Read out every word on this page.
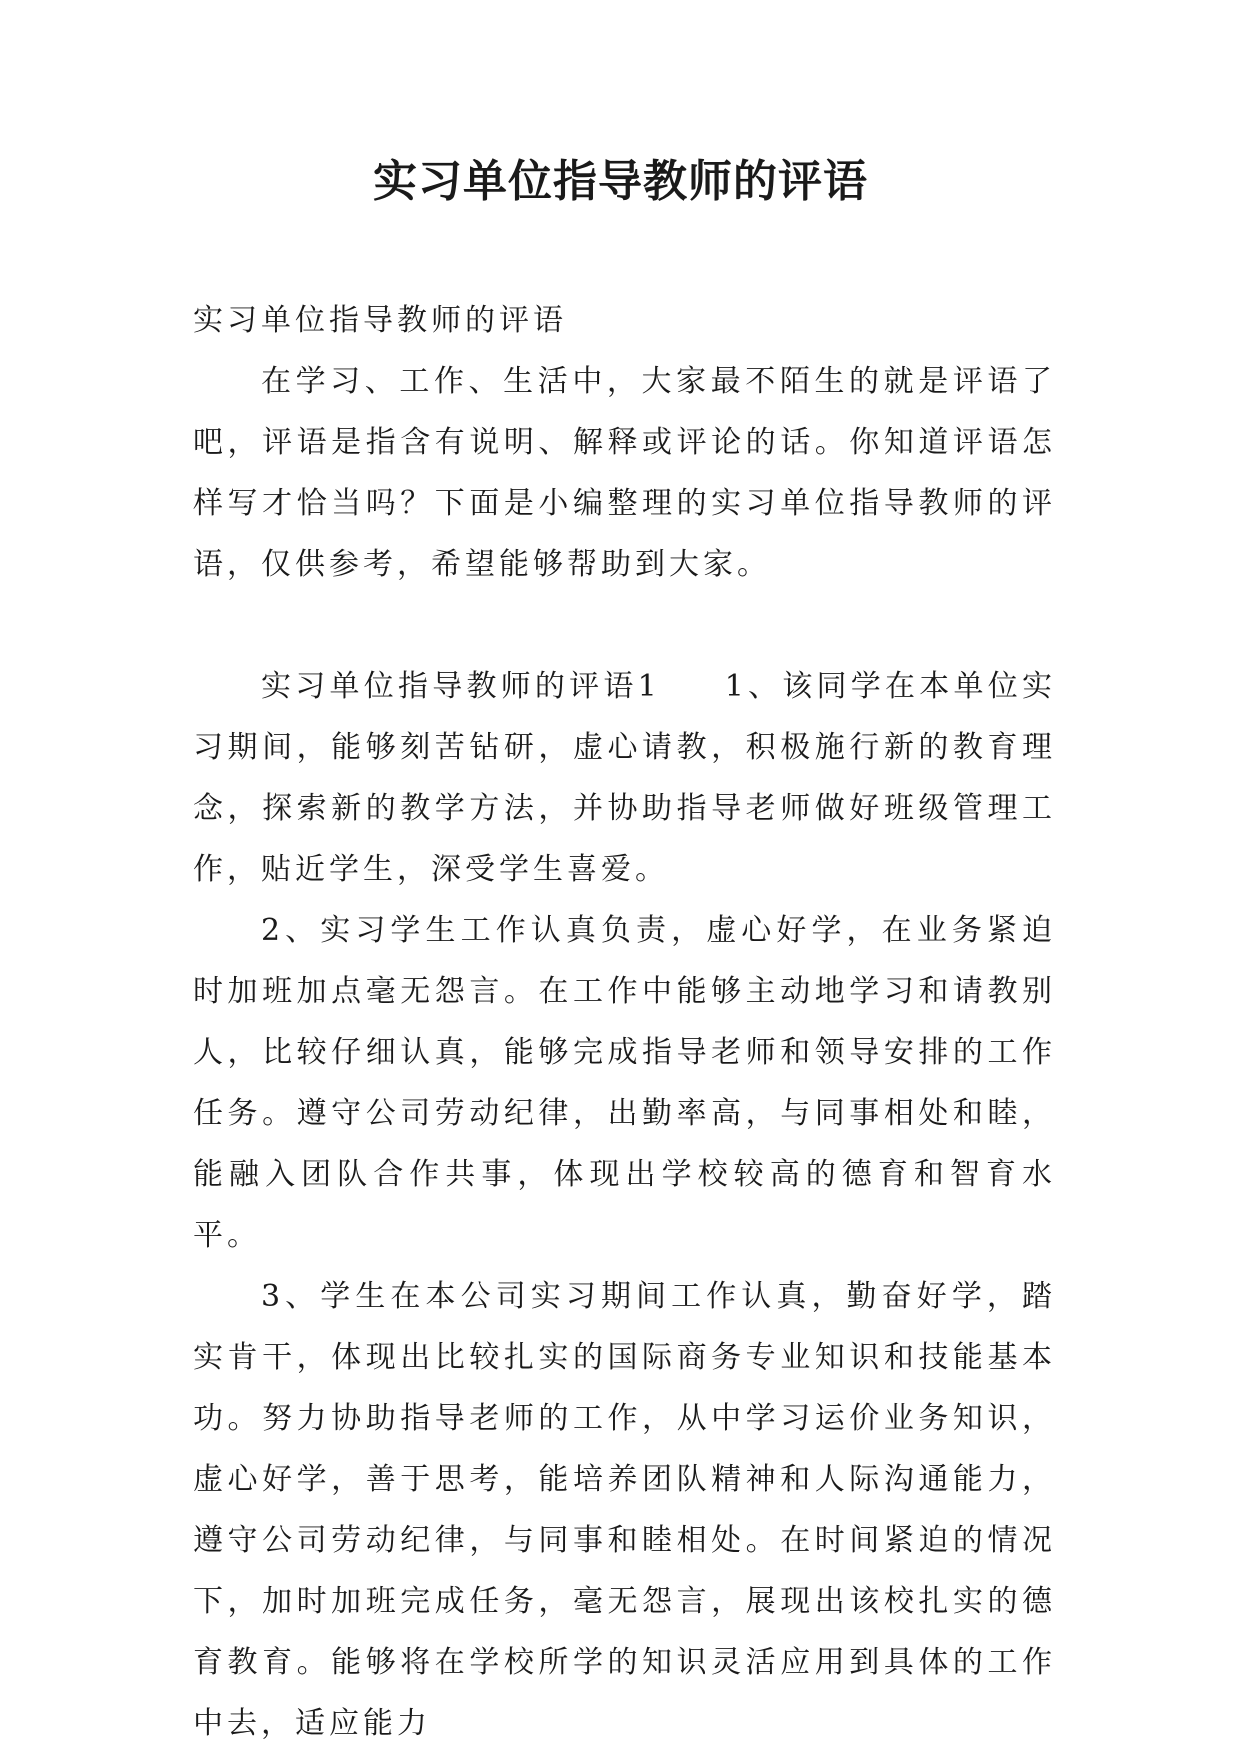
实习单位指导教师的评语

实习单位指导教师的评语

在学习、工作、生活中，大家最不陌生的就是评语了吧，评语是指含有说明、解释或评论的话。你知道评语怎样写才恰当吗？下面是小编整理的实习单位指导教师的评语，仅供参考，希望能够帮助到大家。

实习单位指导教师的评语1 1、该同学在本单位实习期间，能够刻苦钻研，虚心请教，积极施行新的教育理念，探索新的教学方法，并协助指导老师做好班级管理工作，贴近学生，深受学生喜爱。

2、实习学生工作认真负责，虚心好学，在业务紧迫时加班加点毫无怨言。在工作中能够主动地学习和请教别人，比较仔细认真，能够完成指导老师和领导安排的工作任务。遵守公司劳动纪律，出勤率高，与同事相处和睦，能融入团队合作共事，体现出学校较高的德育和智育水平。

3、学生在本公司实习期间工作认真，勤奋好学，踏实肯干，体现出比较扎实的国际商务专业知识和技能基本功。努力协助指导老师的工作，从中学习运价业务知识，虚心好学，善于思考，能培养团队精神和人际沟通能力，遵守公司劳动纪律，与同事和睦相处。在时间紧迫的情况下，加时加班完成任务，毫无怨言，展现出该校扎实的德育教育。能够将在学校所学的知识灵活应用到具体的工作中去，适应能力
